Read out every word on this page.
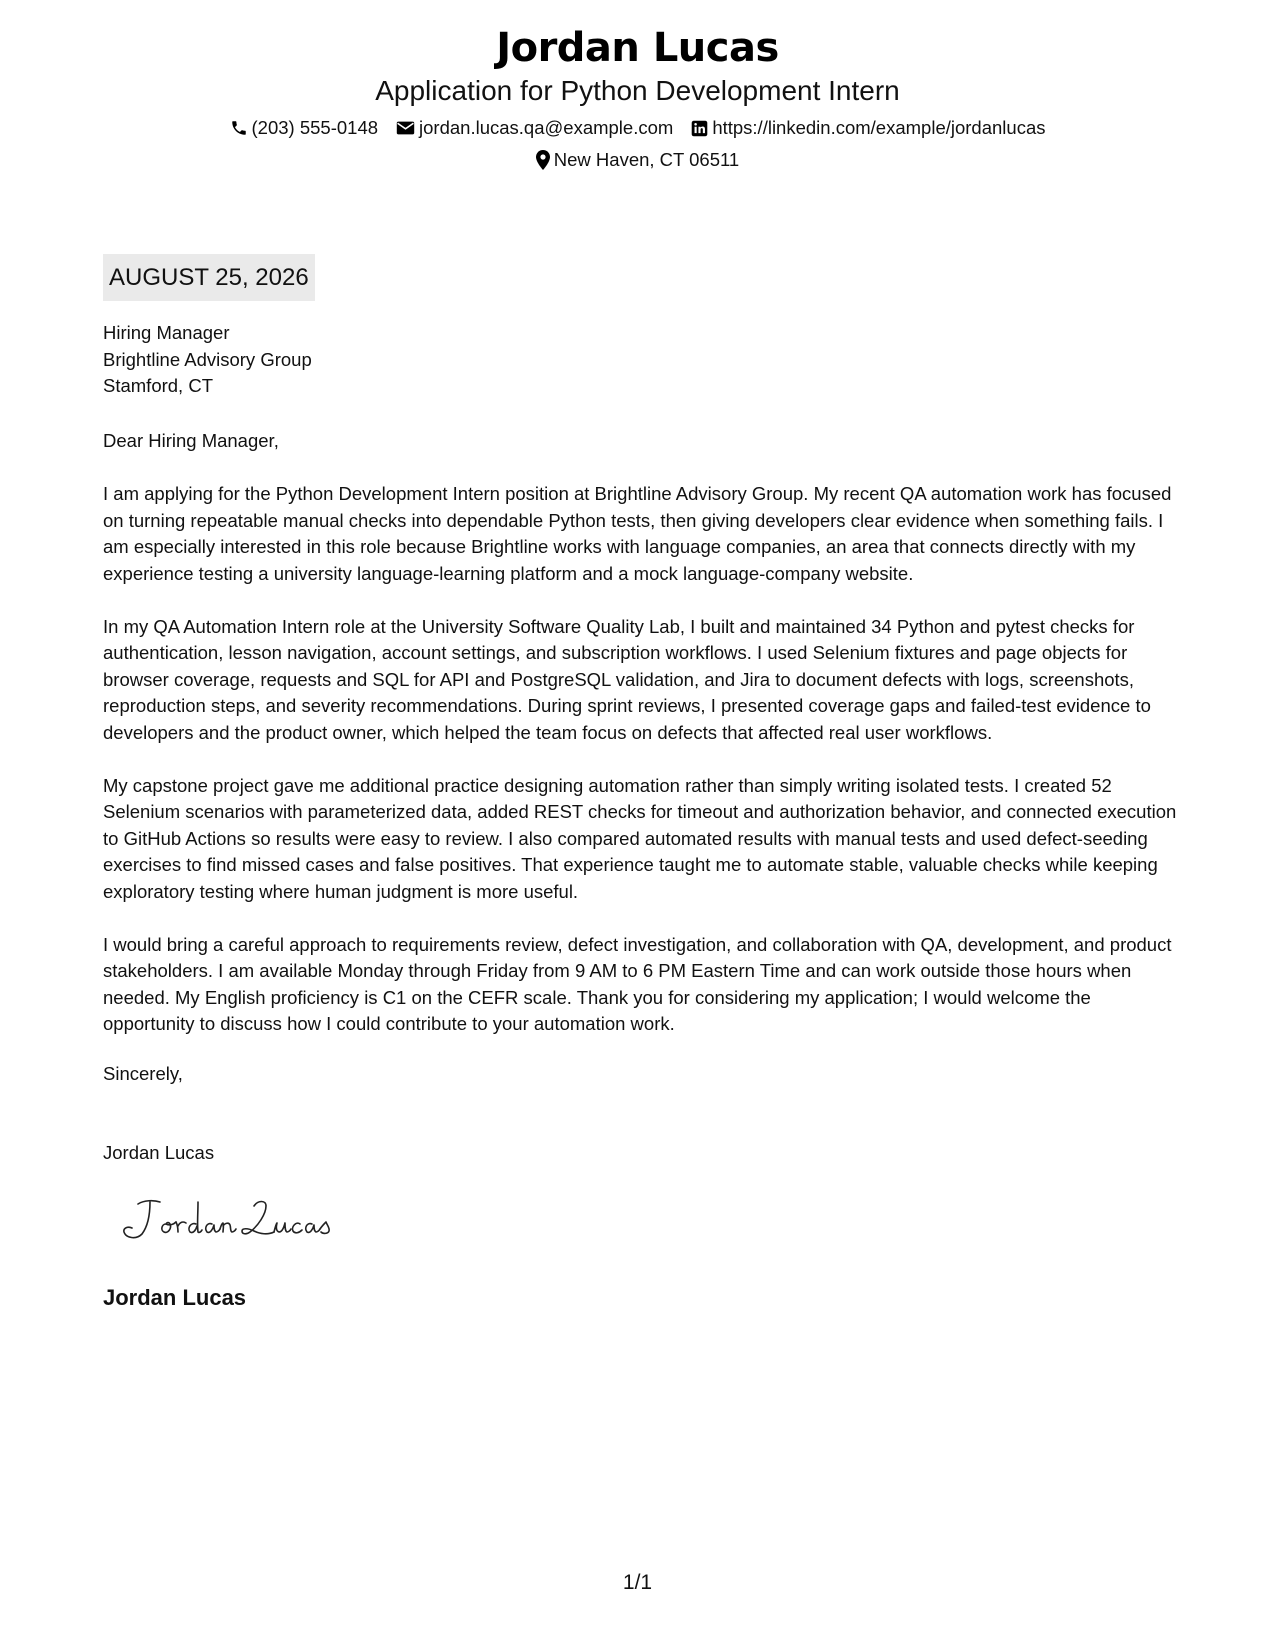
Jordan Lucas
Application for Python Development Intern
(203) 555-0148 jordan.lucas.qa@example.com https://linkedin.com/example/jordanlucas
New Haven, CT 06511
AUGUST 25, 2026
Hiring Manager
Brightline Advisory Group
Stamford, CT

Dear Hiring Manager,

I am applying for the Python Development Intern position at Brightline Advisory Group. My recent QA automation work has focused on turning repeatable manual checks into dependable Python tests, then giving developers clear evidence when something fails. I am especially interested in this role because Brightline works with language companies, an area that connects directly with my experience testing a university language-learning platform and a mock language-company website.

In my QA Automation Intern role at the University Software Quality Lab, I built and maintained 34 Python and pytest checks for authentication, lesson navigation, account settings, and subscription workflows. I used Selenium fixtures and page objects for browser coverage, requests and SQL for API and PostgreSQL validation, and Jira to document defects with logs, screenshots, reproduction steps, and severity recommendations. During sprint reviews, I presented coverage gaps and failed-test evidence to developers and the product owner, which helped the team focus on defects that affected real user workflows.

My capstone project gave me additional practice designing automation rather than simply writing isolated tests. I created 52 Selenium scenarios with parameterized data, added REST checks for timeout and authorization behavior, and connected execution to GitHub Actions so results were easy to review. I also compared automated results with manual tests and used defect-seeding exercises to find missed cases and false positives. That experience taught me to automate stable, valuable checks while keeping exploratory testing where human judgment is more useful.

I would bring a careful approach to requirements review, defect investigation, and collaboration with QA, development, and product stakeholders. I am available Monday through Friday from 9 AM to 6 PM Eastern Time and can work outside those hours when needed. My English proficiency is C1 on the CEFR scale. Thank you for considering my application; I would welcome the opportunity to discuss how I could contribute to your automation work.

Sincerely,
Jordan Lucas
Jordan Lucas
1/1
